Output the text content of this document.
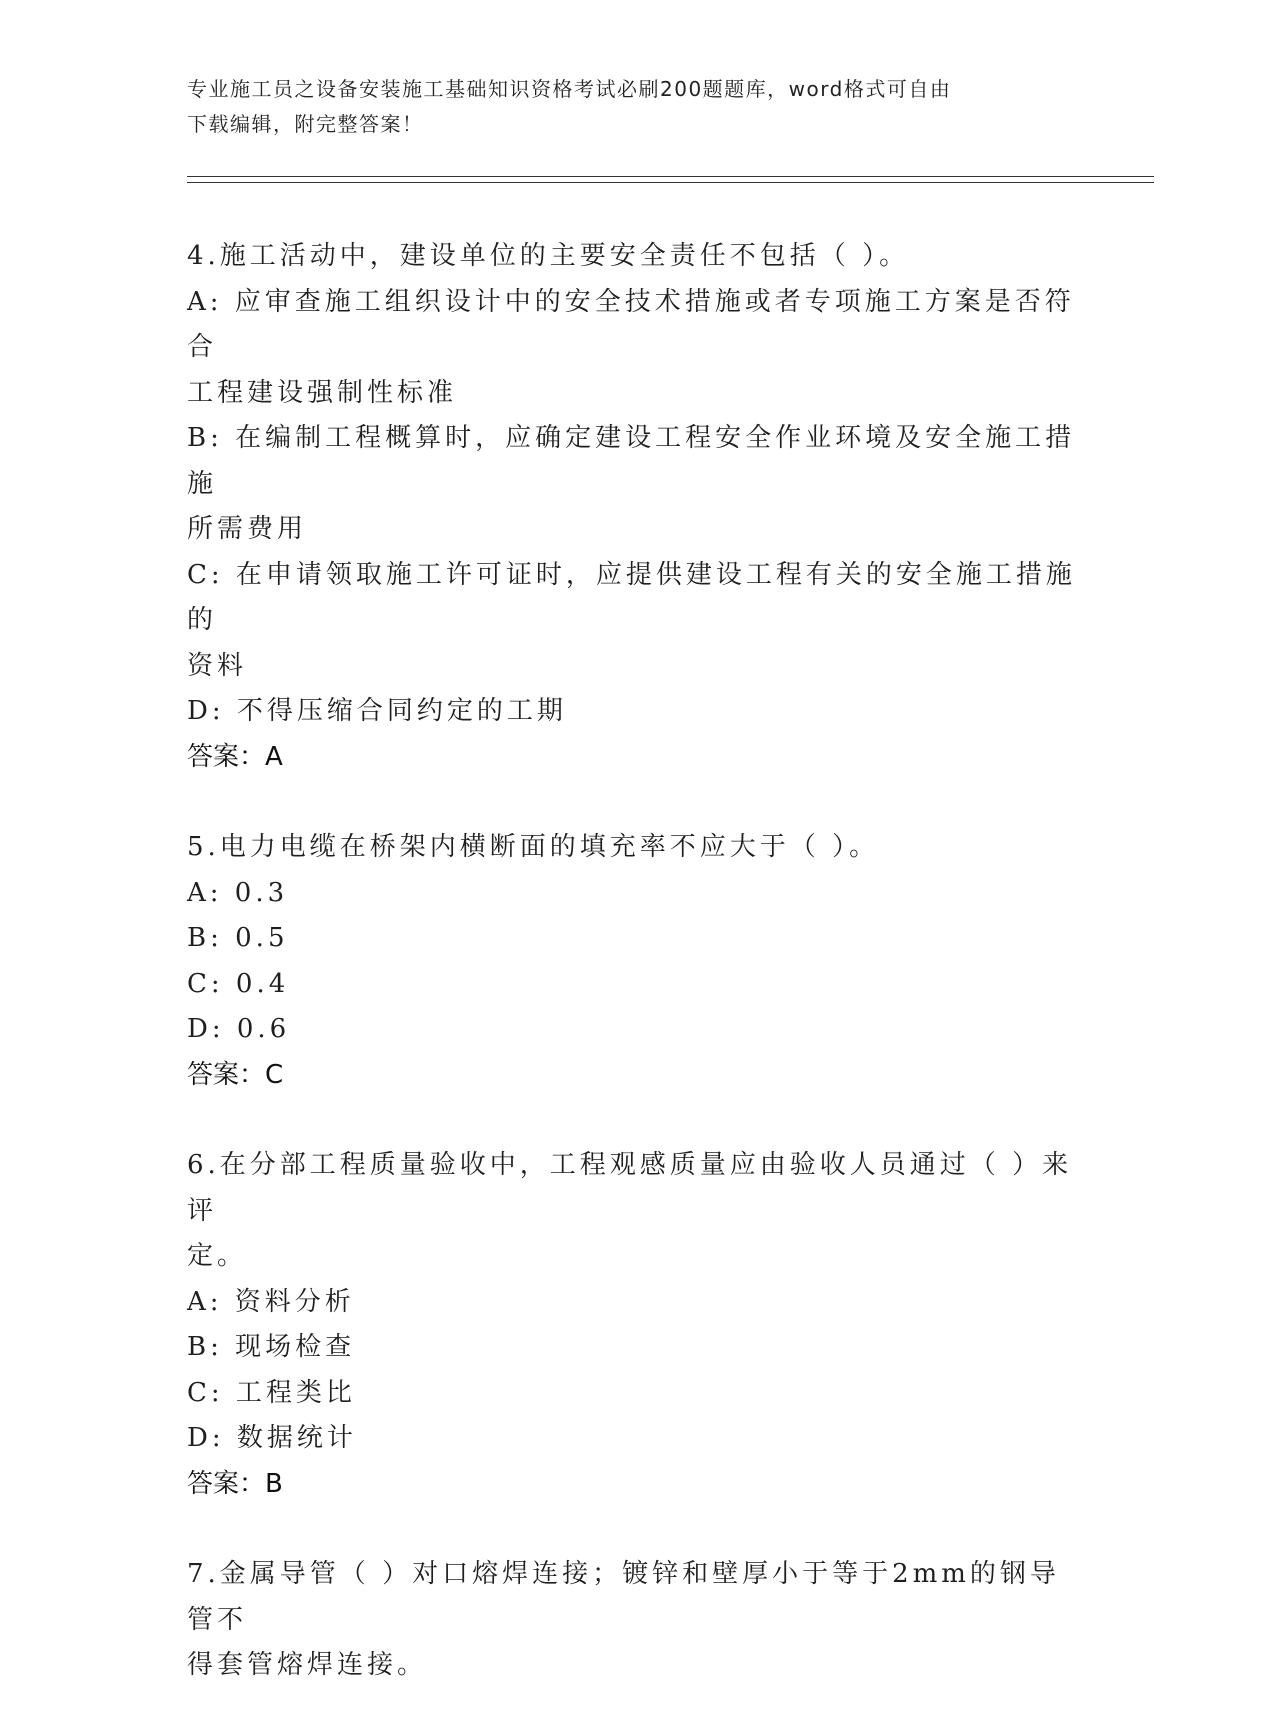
专业施工员之设备安装施工基础知识资格考试必刷200题题库，word格式可自由
下载编辑，附完整答案！

4.施工活动中，建设单位的主要安全责任不包括（ ）。

A: 应审查施工组织设计中的安全技术措施或者专项施工方案是否符合

工程建设强制性标准

B: 在编制工程概算时，应确定建设工程安全作业环境及安全施工措施

所需费用

C: 在申请领取施工许可证时，应提供建设工程有关的安全施工措施的

资料

D: 不得压缩合同约定的工期

答案：A

5.电力电缆在桥架内横断面的填充率不应大于（ ）。

A: 0.3

B: 0.5

C: 0.4

D: 0.6

答案：C

6.在分部工程质量验收中，工程观感质量应由验收人员通过（ ）来评

定。

A: 资料分析

B: 现场检查

C: 工程类比

D: 数据统计

答案：B

7.金属导管（ ）对口熔焊连接；镀锌和壁厚小于等于2mm的钢导管不

得套管熔焊连接。
